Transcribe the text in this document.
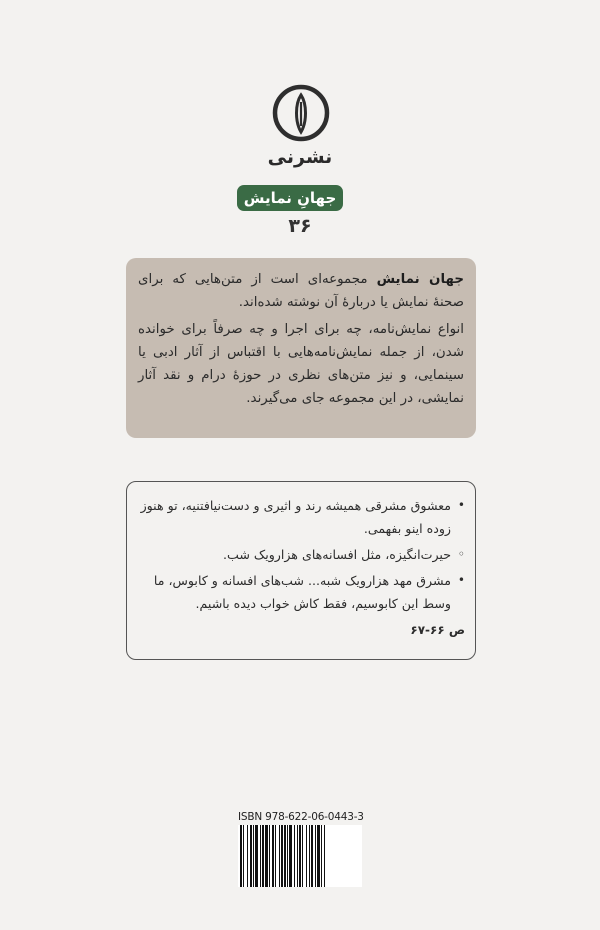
نشرنی
جهانِ نمایش
۳۶

جهان نمایش مجموعه‌ای است از متن‌هایی که برای صحنهٔ نمایش یا دربارهٔ آن نوشته شده‌اند.

انواع نمایش‌نامه، چه برای اجرا و چه صرفاً برای خوانده شدن، از جمله نمایش‌نامه‌هایی با اقتباس از آثار ادبی یا سینمایی، و نیز متن‌های نظری در حوزهٔ درام و نقد آثار نمایشی، در این مجموعه جای می‌گیرند.

•
معشوق مشرقی همیشه رند و اثیری و دست‌نیافتنیه، تو هنوز زوده اینو بفهمی.
◦
حیرت‌انگیزه، مثل افسانه‌های هزارویک شب.
•
مشرق مهد هزارویک شبه... شب‌های افسانه و کابوس، ما وسط این کابوسیم، فقط کاش خواب دیده باشیم.
ص ۶۶-۶۷
ISBN 978-622-06-0443-3
